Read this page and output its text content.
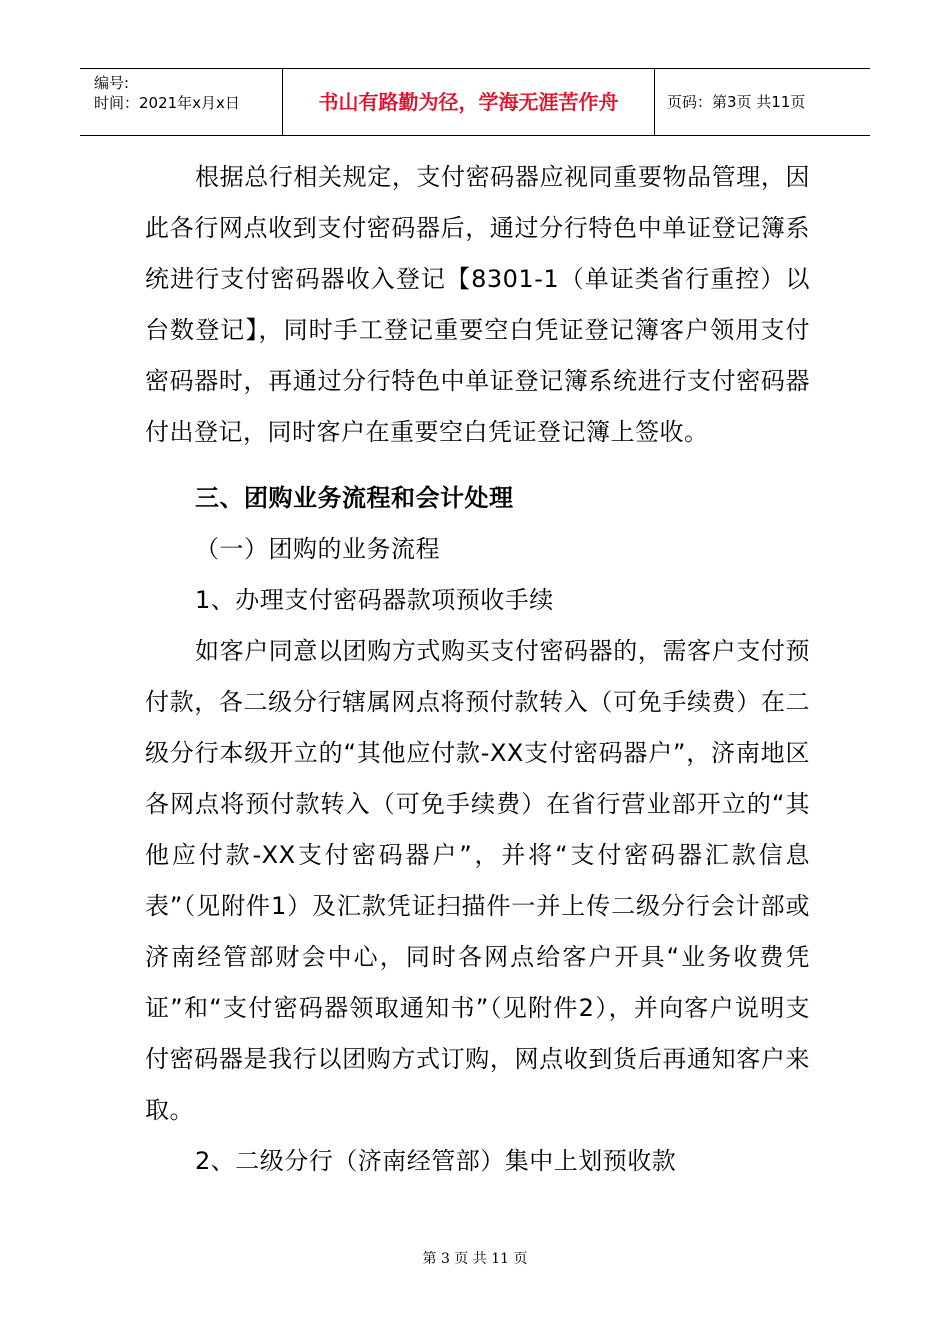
编号:
时间：2021年x月x日	书山有路勤为径，学海无涯苦作舟	页码：第3页 共11页

根据总行相关规定，支付密码器应视同重要物品管理，因此各行网点收到支付密码器后，通过分行特色中单证登记簿系统进行支付密码器收入登记【8301-1（单证类省行重控）以台数登记】，同时手工登记重要空白凭证登记簿客户领用支付密码器时，再通过分行特色中单证登记簿系统进行支付密码器付出登记，同时客户在重要空白凭证登记簿上签收。

三、团购业务流程和会计处理

（一）团购的业务流程

1、办理支付密码器款项预收手续

如客户同意以团购方式购买支付密码器的，需客户支付预付款，各二级分行辖属网点将预付款转入（可免手续费）在二级分行本级开立的“其他应付款-XX支付密码器户”，济南地区各网点将预付款转入（可免手续费）在省行营业部开立的“其他应付款-XX支付密码器户”，并将“支付密码器汇款信息表”（见附件1）及汇款凭证扫描件一并上传二级分行会计部或济南经管部财会中心，同时各网点给客户开具“业务收费凭证”和“支付密码器领取通知书”（见附件2），并向客户说明支付密码器是我行以团购方式订购，网点收到货后再通知客户来取。

2、二级分行（济南经管部）集中上划预收款

第 3 页 共 11 页
